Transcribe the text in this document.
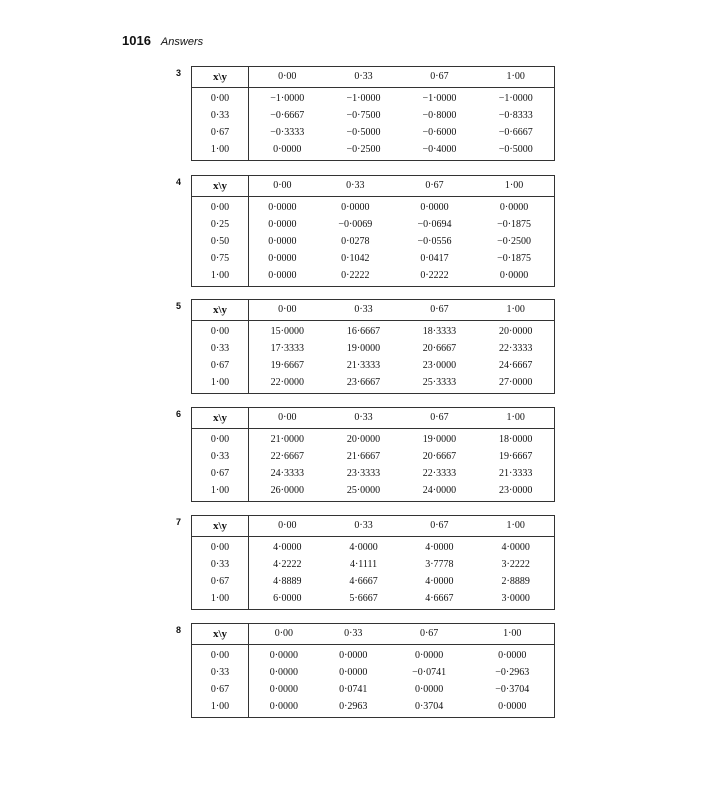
1016 Answers
3	x\y	0·00	0·33	0·67	1·00
0·00	−1·0000	−1·0000	−1·0000	−1·0000
0·33	−0·6667	−0·7500	−0·8000	−0·8333
0·67	−0·3333	−0·5000	−0·6000	−0·6667
1·00	0·0000	−0·2500	−0·4000	−0·5000
4	x\y	0·00	0·33	0·67	1·00
0·00	0·0000	0·0000	0·0000	0·0000
0·25	0·0000	−0·0069	−0·0694	−0·1875
0·50	0·0000	0·0278	−0·0556	−0·2500
0·75	0·0000	0·1042	0·0417	−0·1875
1·00	0·0000	0·2222	0·2222	0·0000
5	x\y	0·00	0·33	0·67	1·00
0·00	15·0000	16·6667	18·3333	20·0000
0·33	17·3333	19·0000	20·6667	22·3333
0·67	19·6667	21·3333	23·0000	24·6667
1·00	22·0000	23·6667	25·3333	27·0000
6	x\y	0·00	0·33	0·67	1·00
0·00	21·0000	20·0000	19·0000	18·0000
0·33	22·6667	21·6667	20·6667	19·6667
0·67	24·3333	23·3333	22·3333	21·3333
1·00	26·0000	25·0000	24·0000	23·0000
7	x\y	0·00	0·33	0·67	1·00
0·00	4·0000	4·0000	4·0000	4·0000
0·33	4·2222	4·1111	3·7778	3·2222
0·67	4·8889	4·6667	4·0000	2·8889
1·00	6·0000	5·6667	4·6667	3·0000
8	x\y	0·00	0·33	0·67	1·00
0·00	0·0000	0·0000	0·0000	0·0000
0·33	0·0000	0·0000	−0·0741	−0·2963
0·67	0·0000	0·0741	0·0000	−0·3704
1·00	0·0000	0·2963	0·3704	0·0000
